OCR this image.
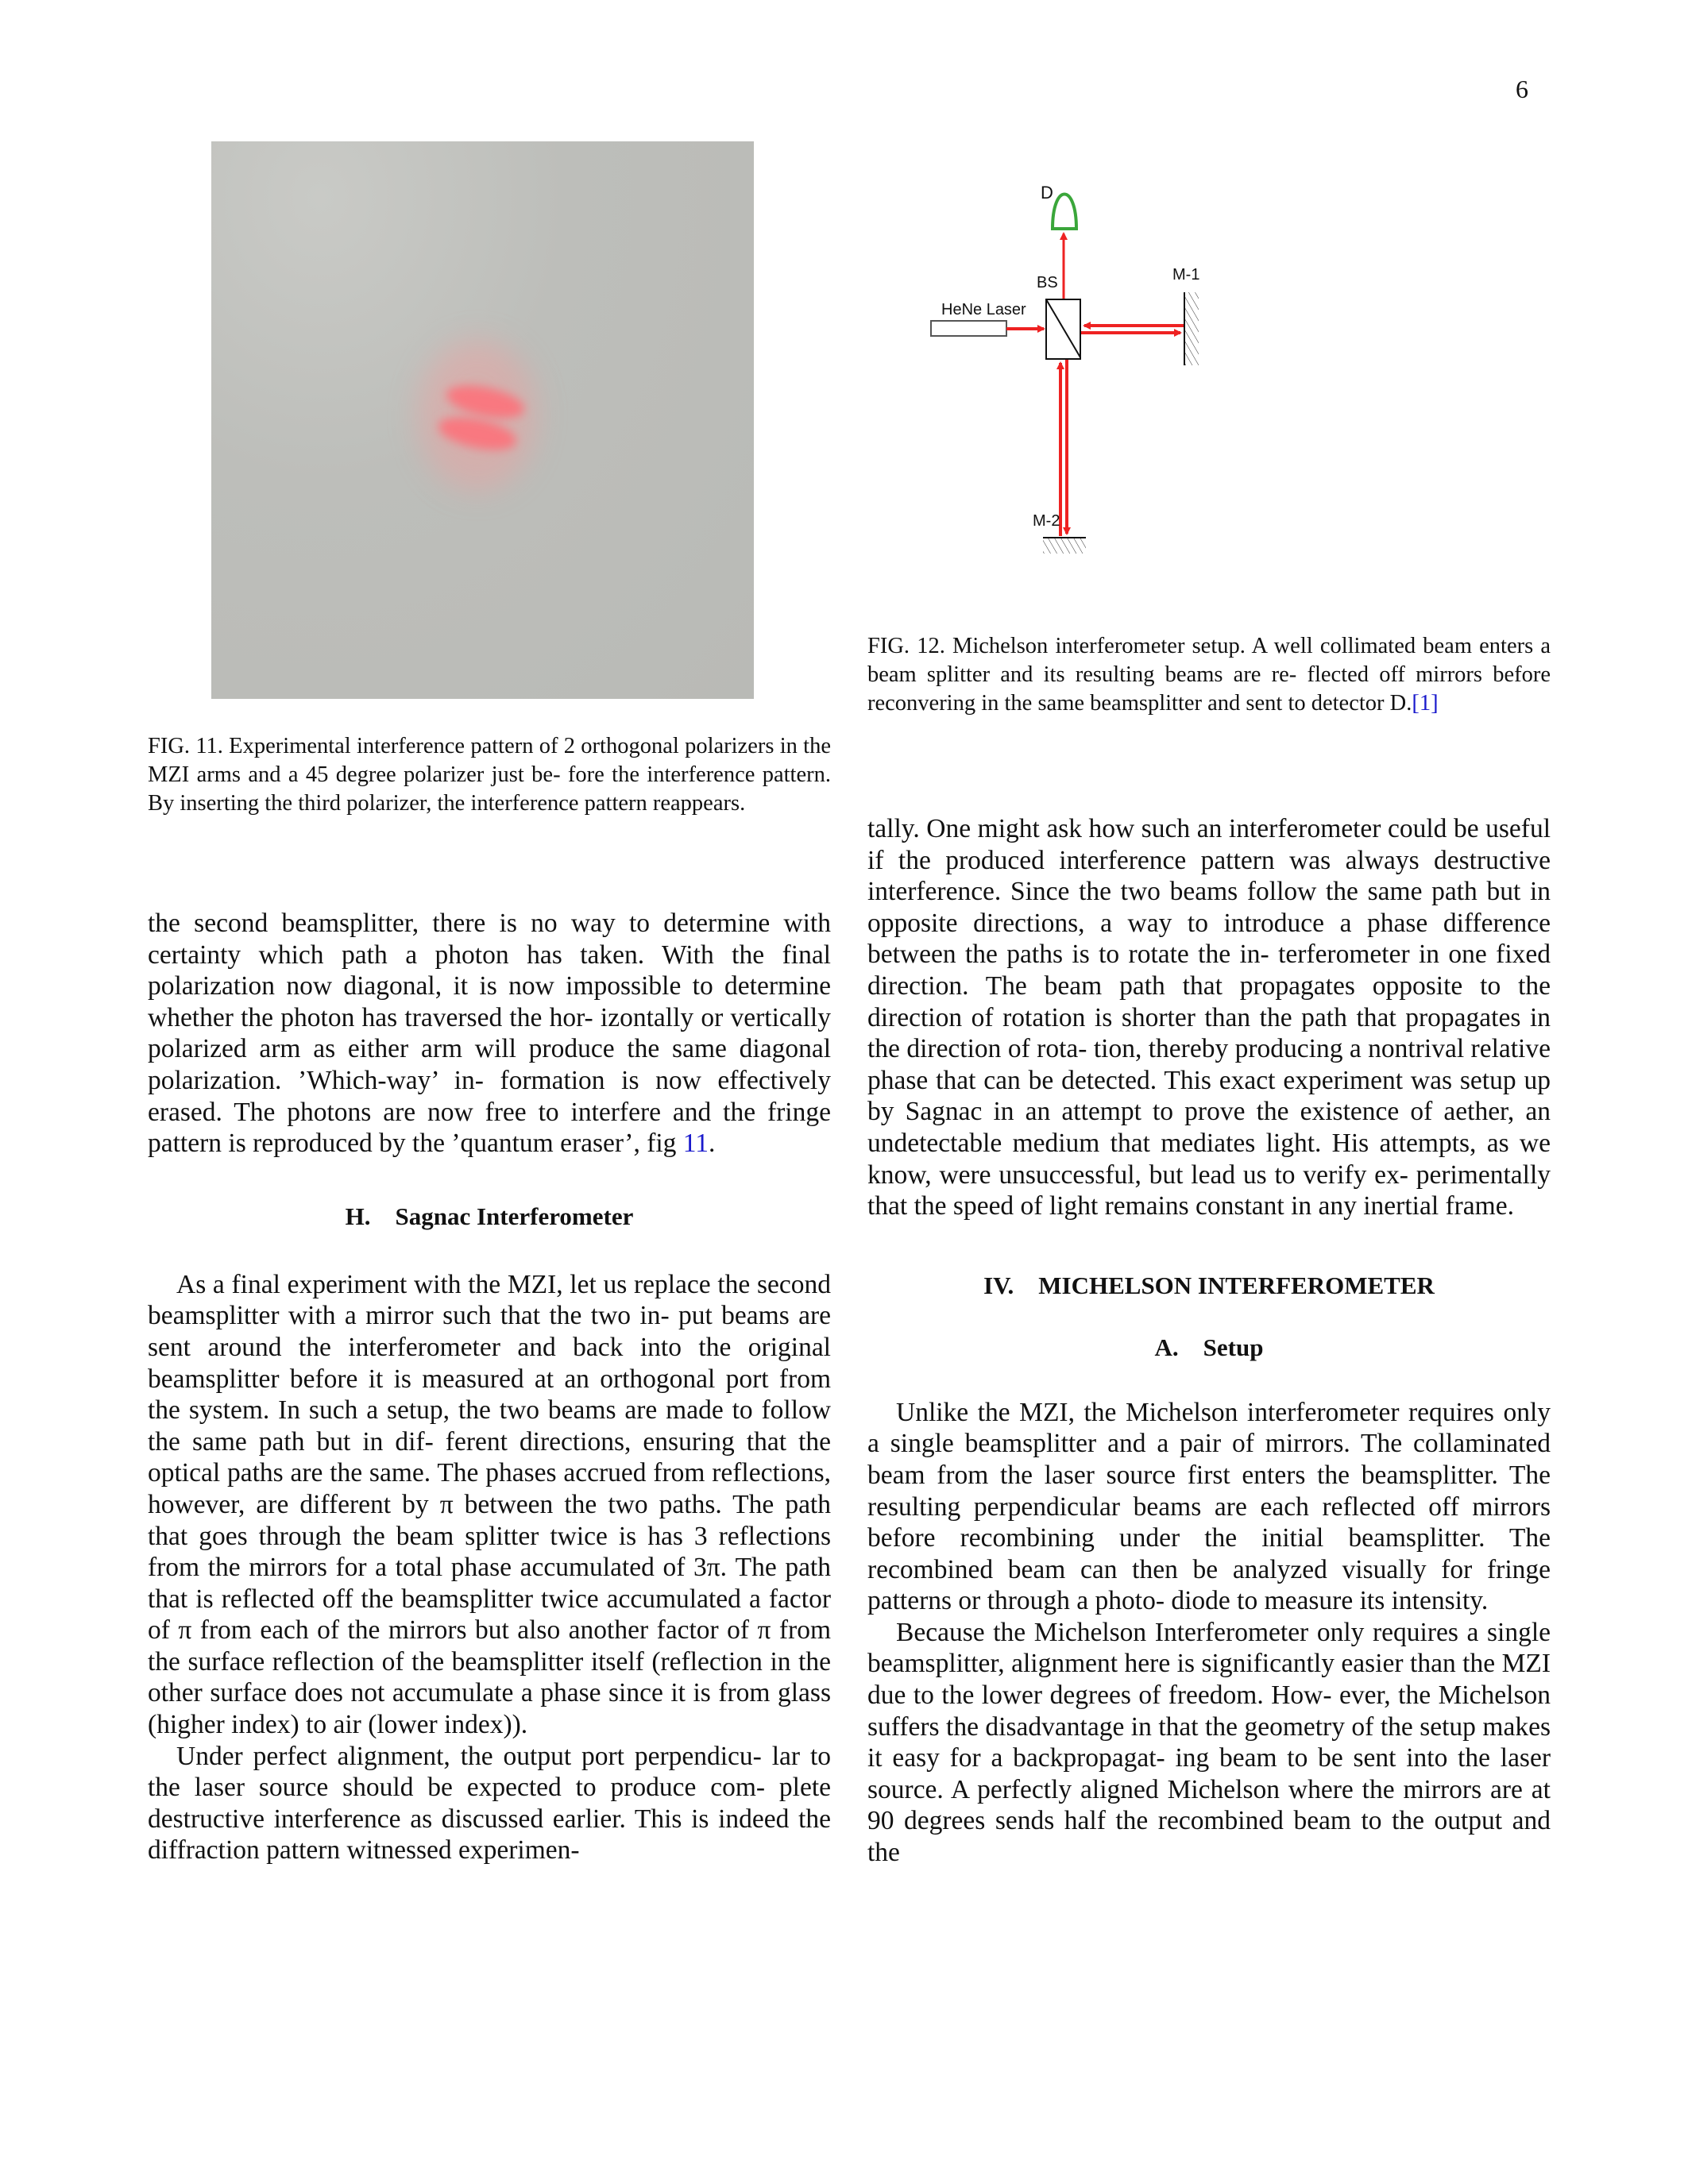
6

FIG. 11. Experimental interference pattern of 2 orthogonal polarizers in the MZI arms and a 45 degree polarizer just be- fore the interference pattern. By inserting the third polarizer, the interference pattern reappears.

HeNe Laser
BS
D
M-1
M-2

FIG. 12. Michelson interferometer setup. A well collimated beam enters a beam splitter and its resulting beams are re- flected off mirrors before reconvering in the same beamsplitter and sent to detector D.[1]

the second beamsplitter, there is no way to determine with certainty which path a photon has taken. With the final polarization now diagonal, it is now impossible to determine whether the photon has traversed the hor- izontally or vertically polarized arm as either arm will produce the same diagonal polarization. ’Which-way’ in- formation is now effectively erased. The photons are now free to interfere and the fringe pattern is reproduced by the ’quantum eraser’, fig 11.

H. Sagnac Interferometer

As a final experiment with the MZI, let us replace the second beamsplitter with a mirror such that the two in- put beams are sent around the interferometer and back into the original beamsplitter before it is measured at an orthogonal port from the system. In such a setup, the two beams are made to follow the same path but in dif- ferent directions, ensuring that the optical paths are the same. The phases accrued from reflections, however, are different by π between the two paths. The path that goes through the beam splitter twice is has 3 reflections from the mirrors for a total phase accumulated of 3π. The path that is reflected off the beamsplitter twice accumulated a factor of π from each of the mirrors but also another factor of π from the surface reflection of the beamsplitter itself (reflection in the other surface does not accumulate a phase since it is from glass (higher index) to air (lower index)).

Under perfect alignment, the output port perpendicu- lar to the laser source should be expected to produce com- plete destructive interference as discussed earlier. This is indeed the diffraction pattern witnessed experimen-

tally. One might ask how such an interferometer could be useful if the produced interference pattern was always destructive interference. Since the two beams follow the same path but in opposite directions, a way to introduce a phase difference between the paths is to rotate the in- terferometer in one fixed direction. The beam path that propagates opposite to the direction of rotation is shorter than the path that propagates in the direction of rota- tion, thereby producing a nontrival relative phase that can be detected. This exact experiment was setup up by Sagnac in an attempt to prove the existence of aether, an undetectable medium that mediates light. His attempts, as we know, were unsuccessful, but lead us to verify ex- perimentally that the speed of light remains constant in any inertial frame.

IV. MICHELSON INTERFEROMETER

A. Setup

Unlike the MZI, the Michelson interferometer requires only a single beamsplitter and a pair of mirrors. The collaminated beam from the laser source first enters the beamsplitter. The resulting perpendicular beams are each reflected off mirrors before recombining under the initial beamsplitter. The recombined beam can then be analyzed visually for fringe patterns or through a photo- diode to measure its intensity.

Because the Michelson Interferometer only requires a single beamsplitter, alignment here is significantly easier than the MZI due to the lower degrees of freedom. How- ever, the Michelson suffers the disadvantage in that the geometry of the setup makes it easy for a backpropagat- ing beam to be sent into the laser source. A perfectly aligned Michelson where the mirrors are at 90 degrees sends half the recombined beam to the output and the
